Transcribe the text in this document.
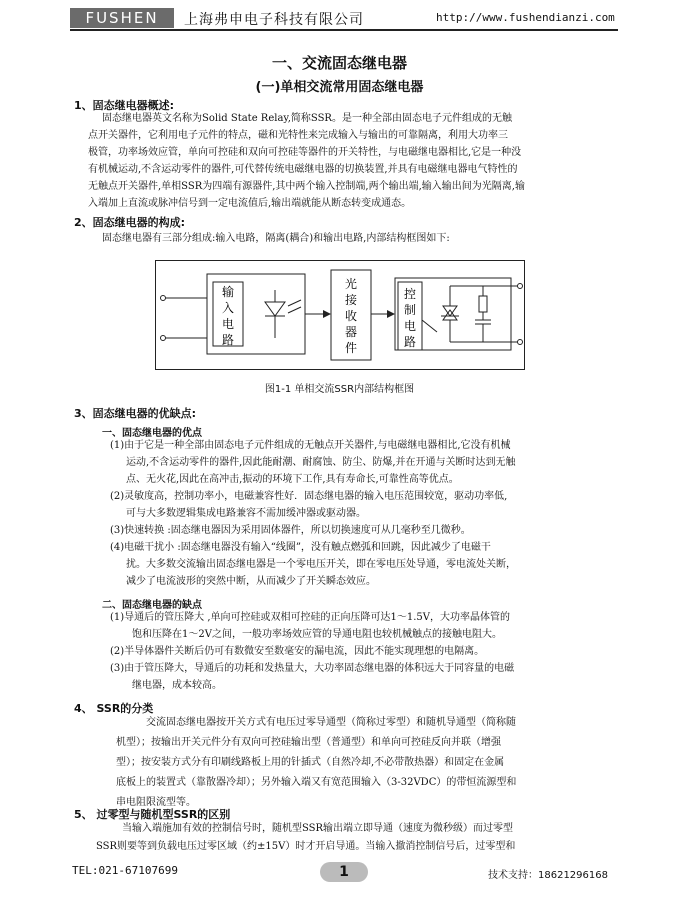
FUSHEN	上海弗申电子科技有限公司	http://www.fushendianzi.com
一、交流固态继电器
(一)单相交流常用固态继电器
1、固态继电器概述:
固态继电器英文名称为Solid State Relay,简称SSR。是一种全部由固态电子元件组成的无触
点开关器件，它利用电子元件的特点，磁和光特性来完成输入与输出的可靠隔离，利用大功率三
极管，功率场效应管，单向可控硅和双向可控硅等器件的开关特性，与电磁继电器相比,它是一种没
有机械运动,不含运动零件的器件,可代替传统电磁继电器的切换装置,并具有电磁继电器电气特性的
无触点开关器件,单相SSR为四端有源器件,其中两个输入控制端,两个输出端,输入输出间为光隔离,输
入端加上直流或脉冲信号到一定电流值后,输出端就能从断态转变成通态。
2、固态继电器的构成:
固态继电器有三部分组成:输入电路，隔离(耦合)和输出电路,内部结构框图如下:
输
入
电
路
光
接
收
器
件
控
制
电
路
图1-1 单相交流SSR内部结构框图
3、固态继电器的优缺点:
一、固态继电器的优点
(1)由于它是一种全部由固态电子元件组成的无触点开关器件,与电磁继电器相比,它没有机械
运动,不含运动零件的器件,因此能耐潮、耐腐蚀、防尘、防爆,并在开通与关断时达到无触
点、无火花,因此在高冲击,振动的环境下工作,具有寿命长,可靠性高等优点。
(2)灵敏度高，控制功率小，电磁兼容性好．固态继电器的输入电压范围较宽，驱动功率低,
可与大多数逻辑集成电路兼容不需加缓冲器或驱动器。
(3)快速转换 :固态继电器因为采用固体器件，所以切换速度可从几毫秒至几微秒。
(4)电磁干扰小 :固态继电器没有输入“线圈”，没有触点燃弧和回跳，因此减少了电磁干
扰。大多数交流输出固态继电器是一个零电压开关，即在零电压处导通，零电流处关断，
减少了电流波形的突然中断，从而减少了开关瞬态效应。
二、固态继电器的缺点
(1)导通后的管压降大 ,单向可控硅或双相可控硅的正向压降可达1～1.5V，大功率晶体管的
饱和压降在1～2V之间，一般功率场效应管的导通电阻也较机械触点的接触电阻大。
(2)半导体器件关断后仍可有数微安至数毫安的漏电流，因此不能实现理想的电隔离。
(3)由于管压降大，导通后的功耗和发热量大，大功率固态继电器的体积远大于同容量的电磁
继电器，成本较高。
4、 SSR的分类
交流固态继电器按开关方式有电压过零导通型（简称过零型）和随机导通型（简称随
机型）；按输出开关元件分有双向可控硅输出型（普通型）和单向可控硅反向并联（增强
型）；按安装方式分有印刷线路板上用的针插式（自然冷却,不必带散热器）和固定在金属
底板上的装置式（靠散器冷却）；另外输入端又有宽范围输入（3-32VDC）的带恒流源型和
串电阻限流型等。
5、 过零型与随机型SSR的区别
当输入端施加有效的控制信号时，随机型SSR输出端立即导通（速度为微秒级）而过零型
SSR则要等到负载电压过零区域（约±15V）时才开启导通。当输入撤消控制信号后，过零型和
TEL:021-67107699	1	技术支持：18621296168
